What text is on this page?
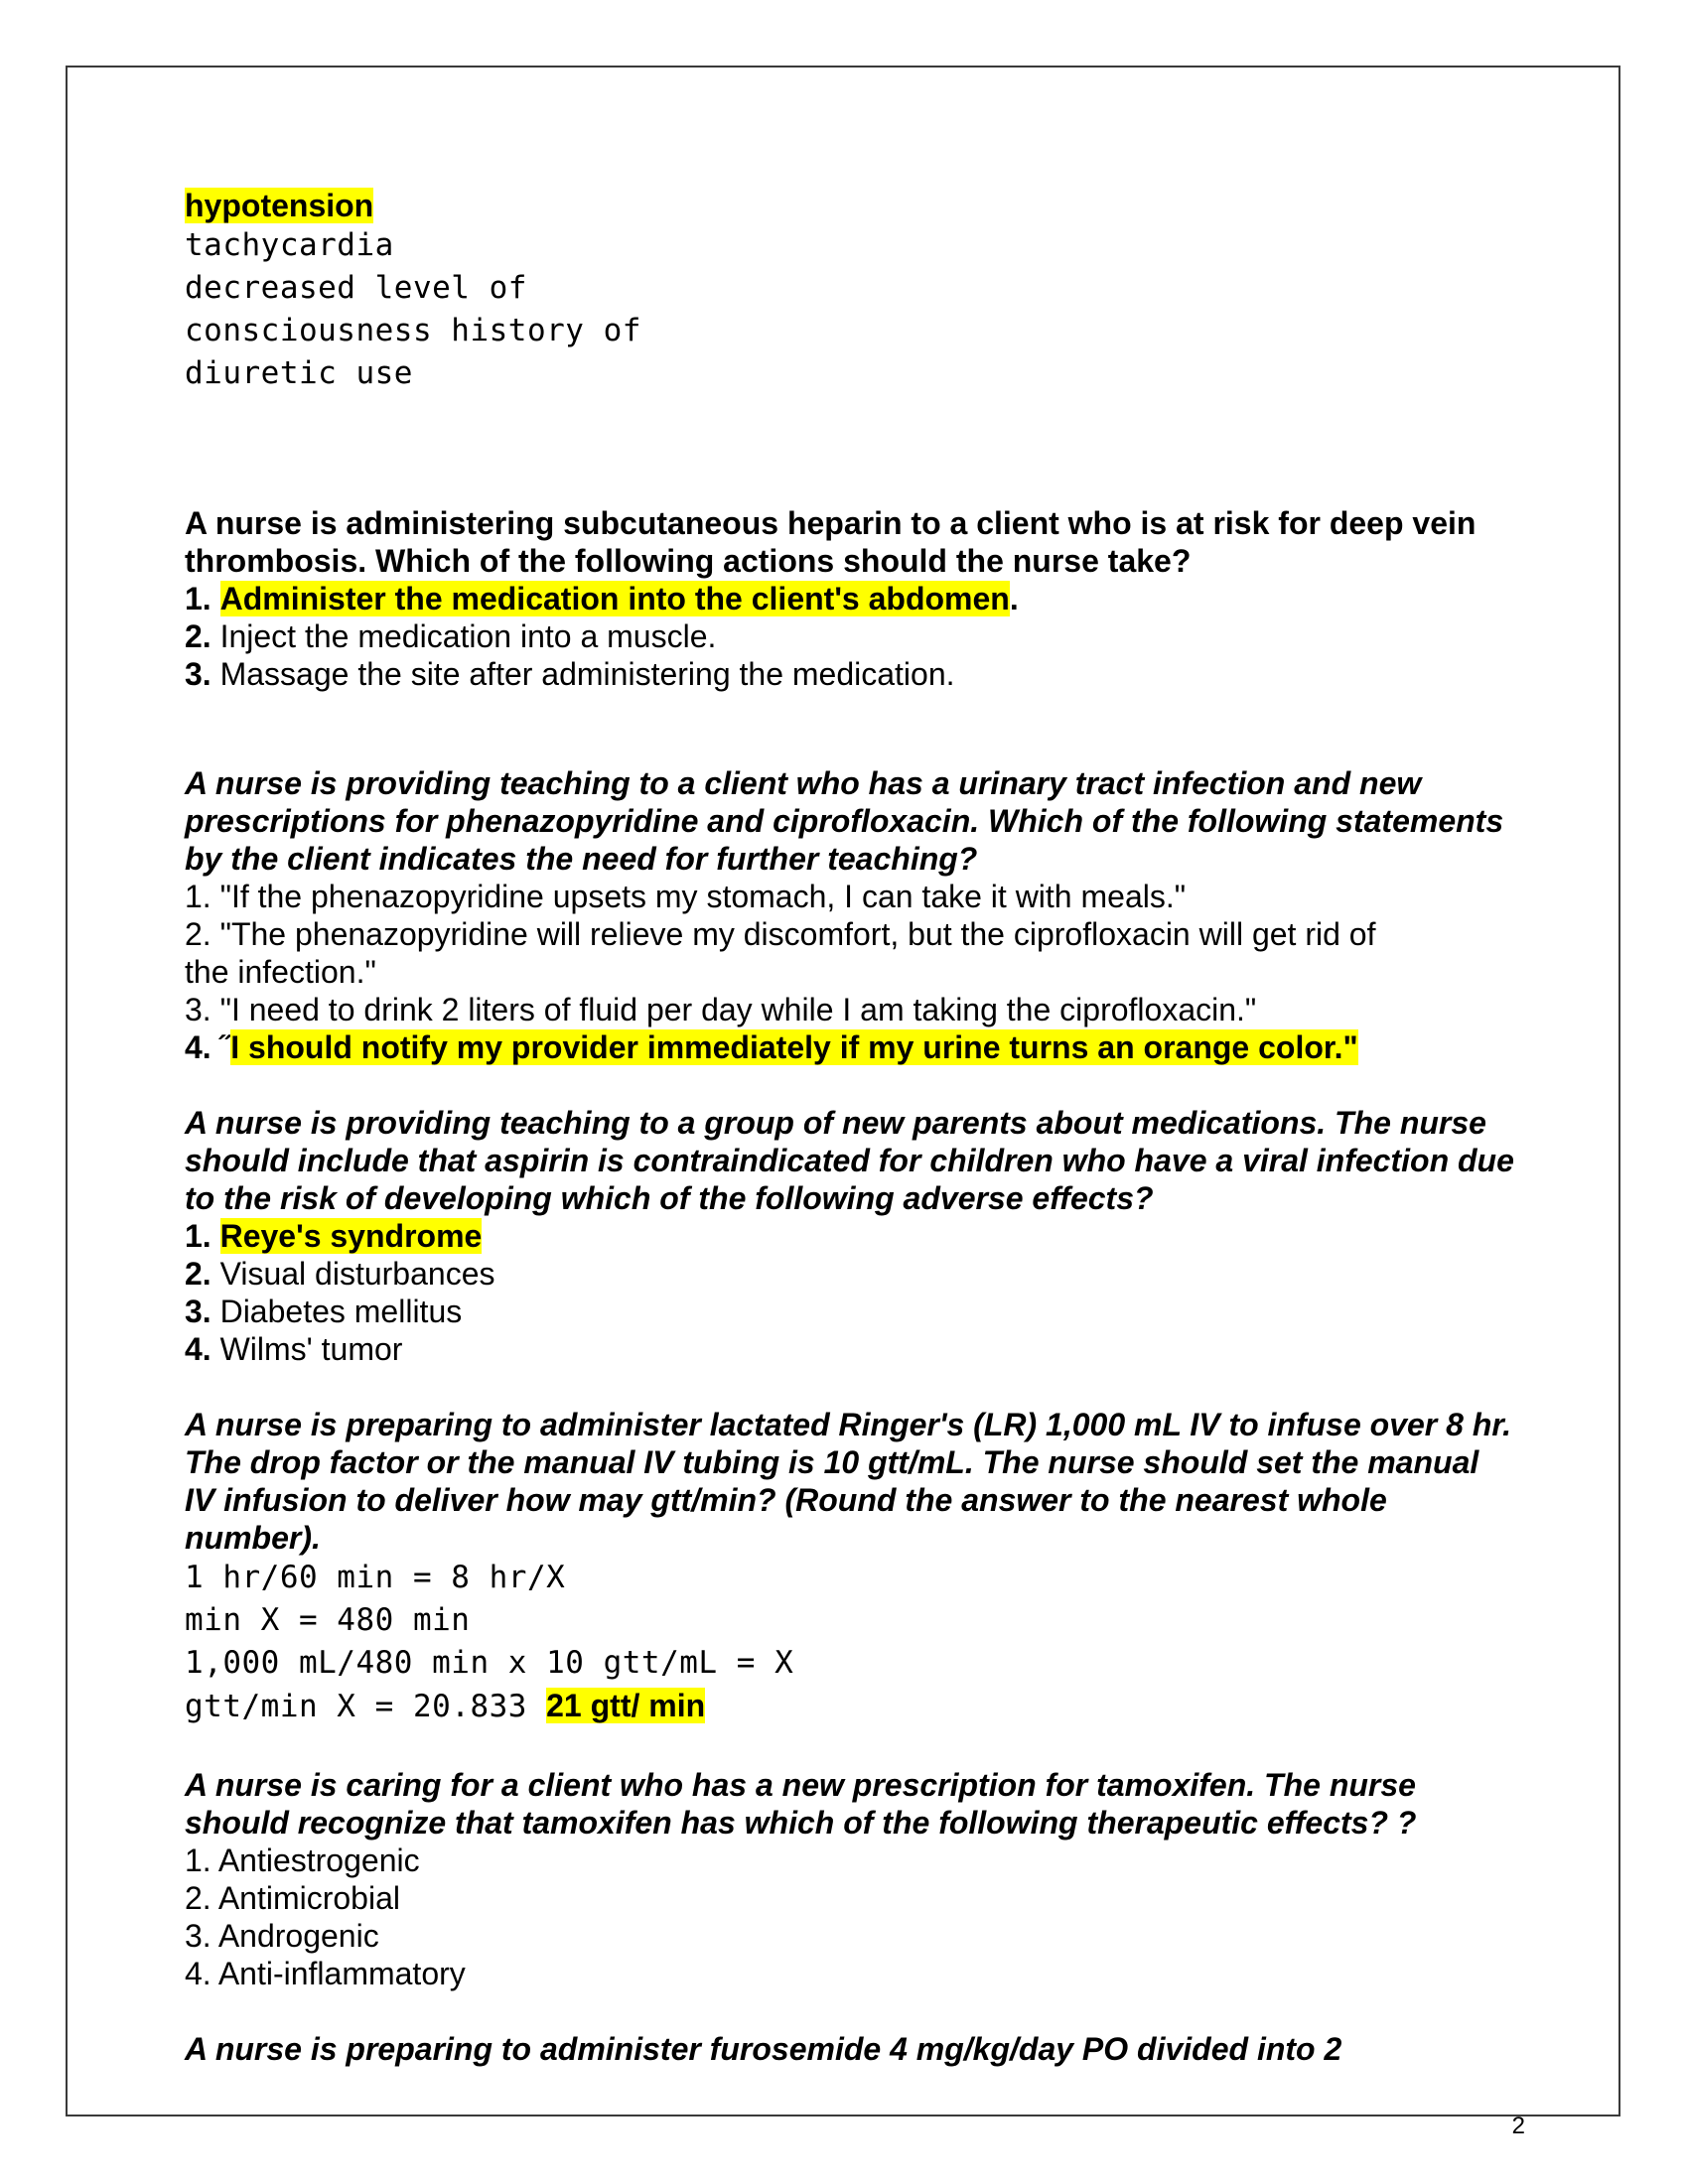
hypotension
tachycardia
decreased level of
consciousness history of
diuretic use
A nurse is administering subcutaneous heparin to a client who is at risk for deep vein thrombosis. Which of the following actions should the nurse take?
1. Administer the medication into the client's abdomen.
2. Inject the medication into a muscle.
3. Massage the site after administering the medication.
A nurse is providing teaching to a client who has a urinary tract infection and new prescriptions for phenazopyridine and ciprofloxacin. Which of the following statements by the client indicates the need for further teaching?
1. "If the phenazopyridine upsets my stomach, I can take it with meals."
2. "The phenazopyridine will relieve my discomfort, but the ciprofloxacin will get rid of
the infection."
3. "I need to drink 2 liters of fluid per day while I am taking the ciprofloxacin."
4. ˝I should notify my provider immediately if my urine turns an orange color."
A nurse is providing teaching to a group of new parents about medications. The nurse should include that aspirin is contraindicated for children who have a viral infection due to the risk of developing which of the following adverse effects?
1. Reye's syndrome
2. Visual disturbances
3. Diabetes mellitus
4. Wilms' tumor
A nurse is preparing to administer lactated Ringer's (LR) 1,000 mL IV to infuse over 8 hr. The drop factor or the manual IV tubing is 10 gtt/mL. The nurse should set the manual IV infusion to deliver how may gtt/min? (Round the answer to the nearest whole number).
1 hr/60 min = 8 hr/X
min X = 480 min
1,000 mL/480 min x 10 gtt/mL = X
gtt/min X = 20.833 21 gtt/ min
A nurse is caring for a client who has a new prescription for tamoxifen. The nurse should recognize that tamoxifen has which of the following therapeutic effects? ?
1. Antiestrogenic
2. Antimicrobial
3. Androgenic
4. Anti-inflammatory
A nurse is preparing to administer furosemide 4 mg/kg/day PO divided into 2
2
